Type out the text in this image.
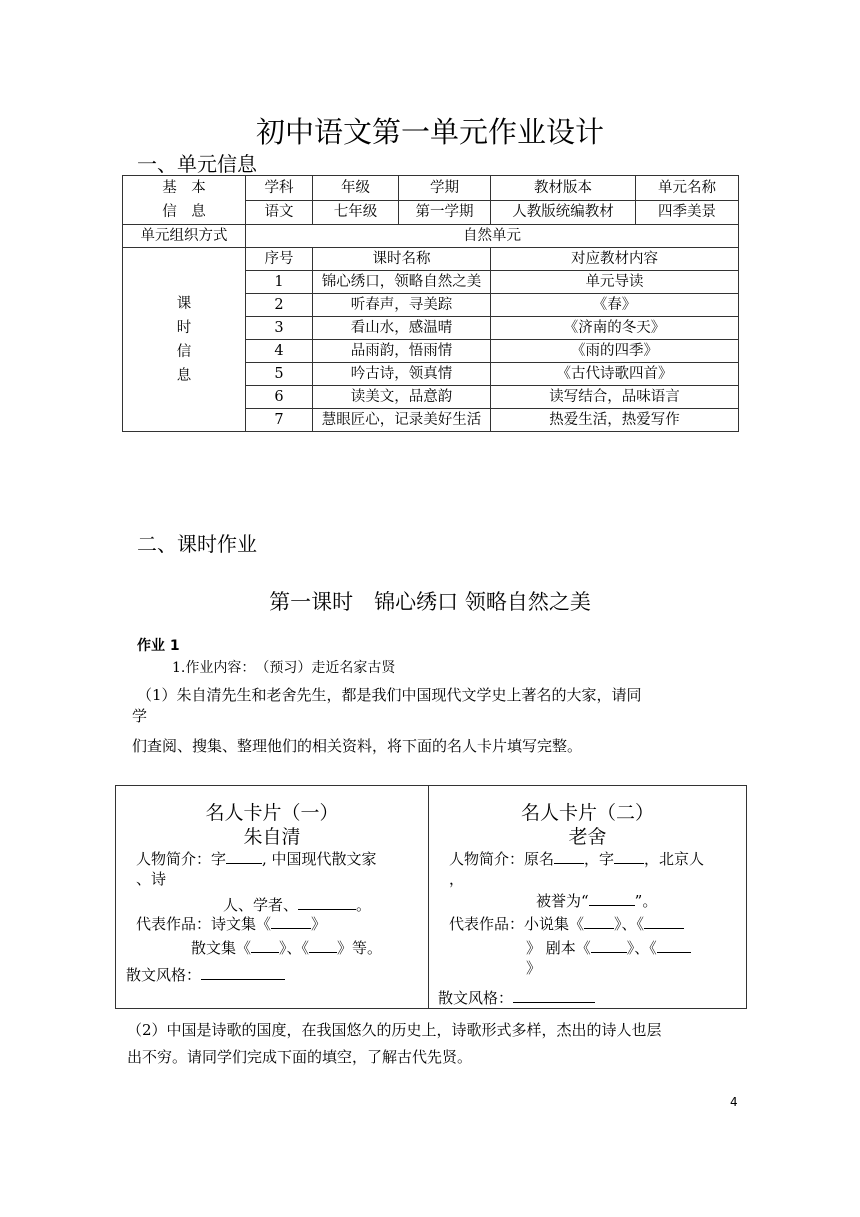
初中语文第一单元作业设计
一、单元信息
基　本
信　息	学科	年级	学期	教材版本	单元名称
	语文	七年级	第一学期	人教版统编教材	四季美景
单元组织方式	自然单元				

课
时
信
息	序号	课时名称		对应教材内容	
	1	锦心绣口，领略自然之美		单元导读	
	2	听春声，寻美踪		《春》	
	3	看山水，感温晴		《济南的冬天》	
	4	品雨韵，悟雨情		《雨的四季》	
	5	吟古诗，领真情		《古代诗歌四首》	
	6	读美文，品意韵		读写结合，品味语言	
	7	慧眼匠心，记录美好生活		热爱生活，热爱写作	
二、课时作业
第一课时　锦心绣口 领略自然之美
作业 1
1.作业内容：　（预习）走近名家古贤
（1）朱自清先生和老舍先生，都是我们中国现代文学史上著名的大家，请同
学
们查阅、搜集、整理他们的相关资料，将下面的名人卡片填写完整。
名人卡片（一）
朱自清
人物简介：字 , 中国现代散文家
、诗
人、学者、	。
代表作品：诗文集《	》
散文集《 》、《 》等。
散文风格：
名人卡片（二）
老舍
人物简介：原名 ，字 ，北京人
，
被誉为“	”。
代表作品：小说集《 》、《
》 剧本《 》、《
》
散文风格：
（2）中国是诗歌的国度，在我国悠久的历史上，诗歌形式多样，杰出的诗人也层
出不穷。请同学们完成下面的填空，了解古代先贤。
4
